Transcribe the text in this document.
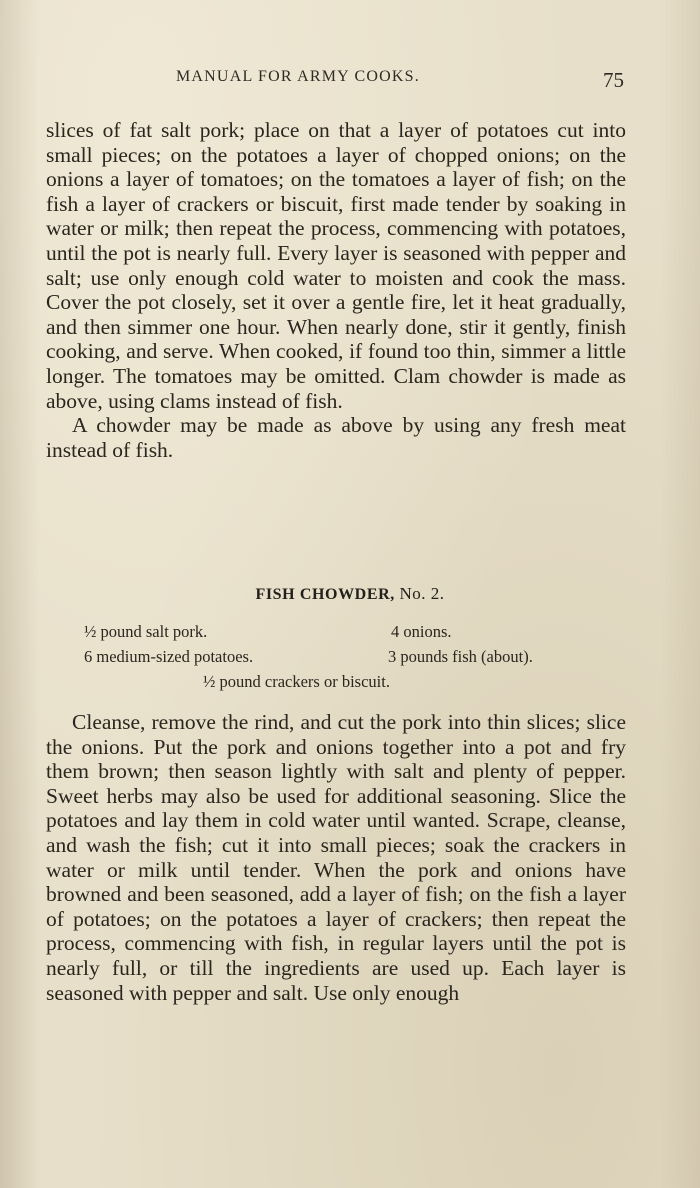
MANUAL FOR ARMY COOKS.	75

slices of fat salt pork; place on that a layer of potatoes cut into small pieces; on the potatoes a layer of chopped onions; on the onions a layer of tomatoes; on the tomatoes a layer of fish; on the fish a layer of crackers or biscuit, first made tender by soaking in water or milk; then repeat the process, commencing with potatoes, until the pot is nearly full. Every layer is seasoned with pepper and salt; use only enough cold water to moisten and cook the mass. Cover the pot closely, set it over a gentle fire, let it heat gradually, and then simmer one hour. When nearly done, stir it gently, finish cooking, and serve. When cooked, if found too thin, simmer a little longer. The tomatoes may be omitted. Clam chowder is made as above, using clams instead of fish.

A chowder may be made as above by using any fresh meat instead of fish.

FISH CHOWDER, No. 2.
½ pound salt pork.	4 onions.
6 medium-sized potatoes.	3 pounds fish (about).
½ pound crackers or biscuit.

Cleanse, remove the rind, and cut the pork into thin slices; slice the onions. Put the pork and onions together into a pot and fry them brown; then season lightly with salt and plenty of pepper. Sweet herbs may also be used for additional seasoning. Slice the potatoes and lay them in cold water until wanted. Scrape, cleanse, and wash the fish; cut it into small pieces; soak the crackers in water or milk until tender. When the pork and onions have browned and been seasoned, add a layer of fish; on the fish a layer of potatoes; on the potatoes a layer of crackers; then repeat the process, commencing with fish, in regular layers until the pot is nearly full, or till the ingredients are used up. Each layer is seasoned with pepper and salt. Use only enough
